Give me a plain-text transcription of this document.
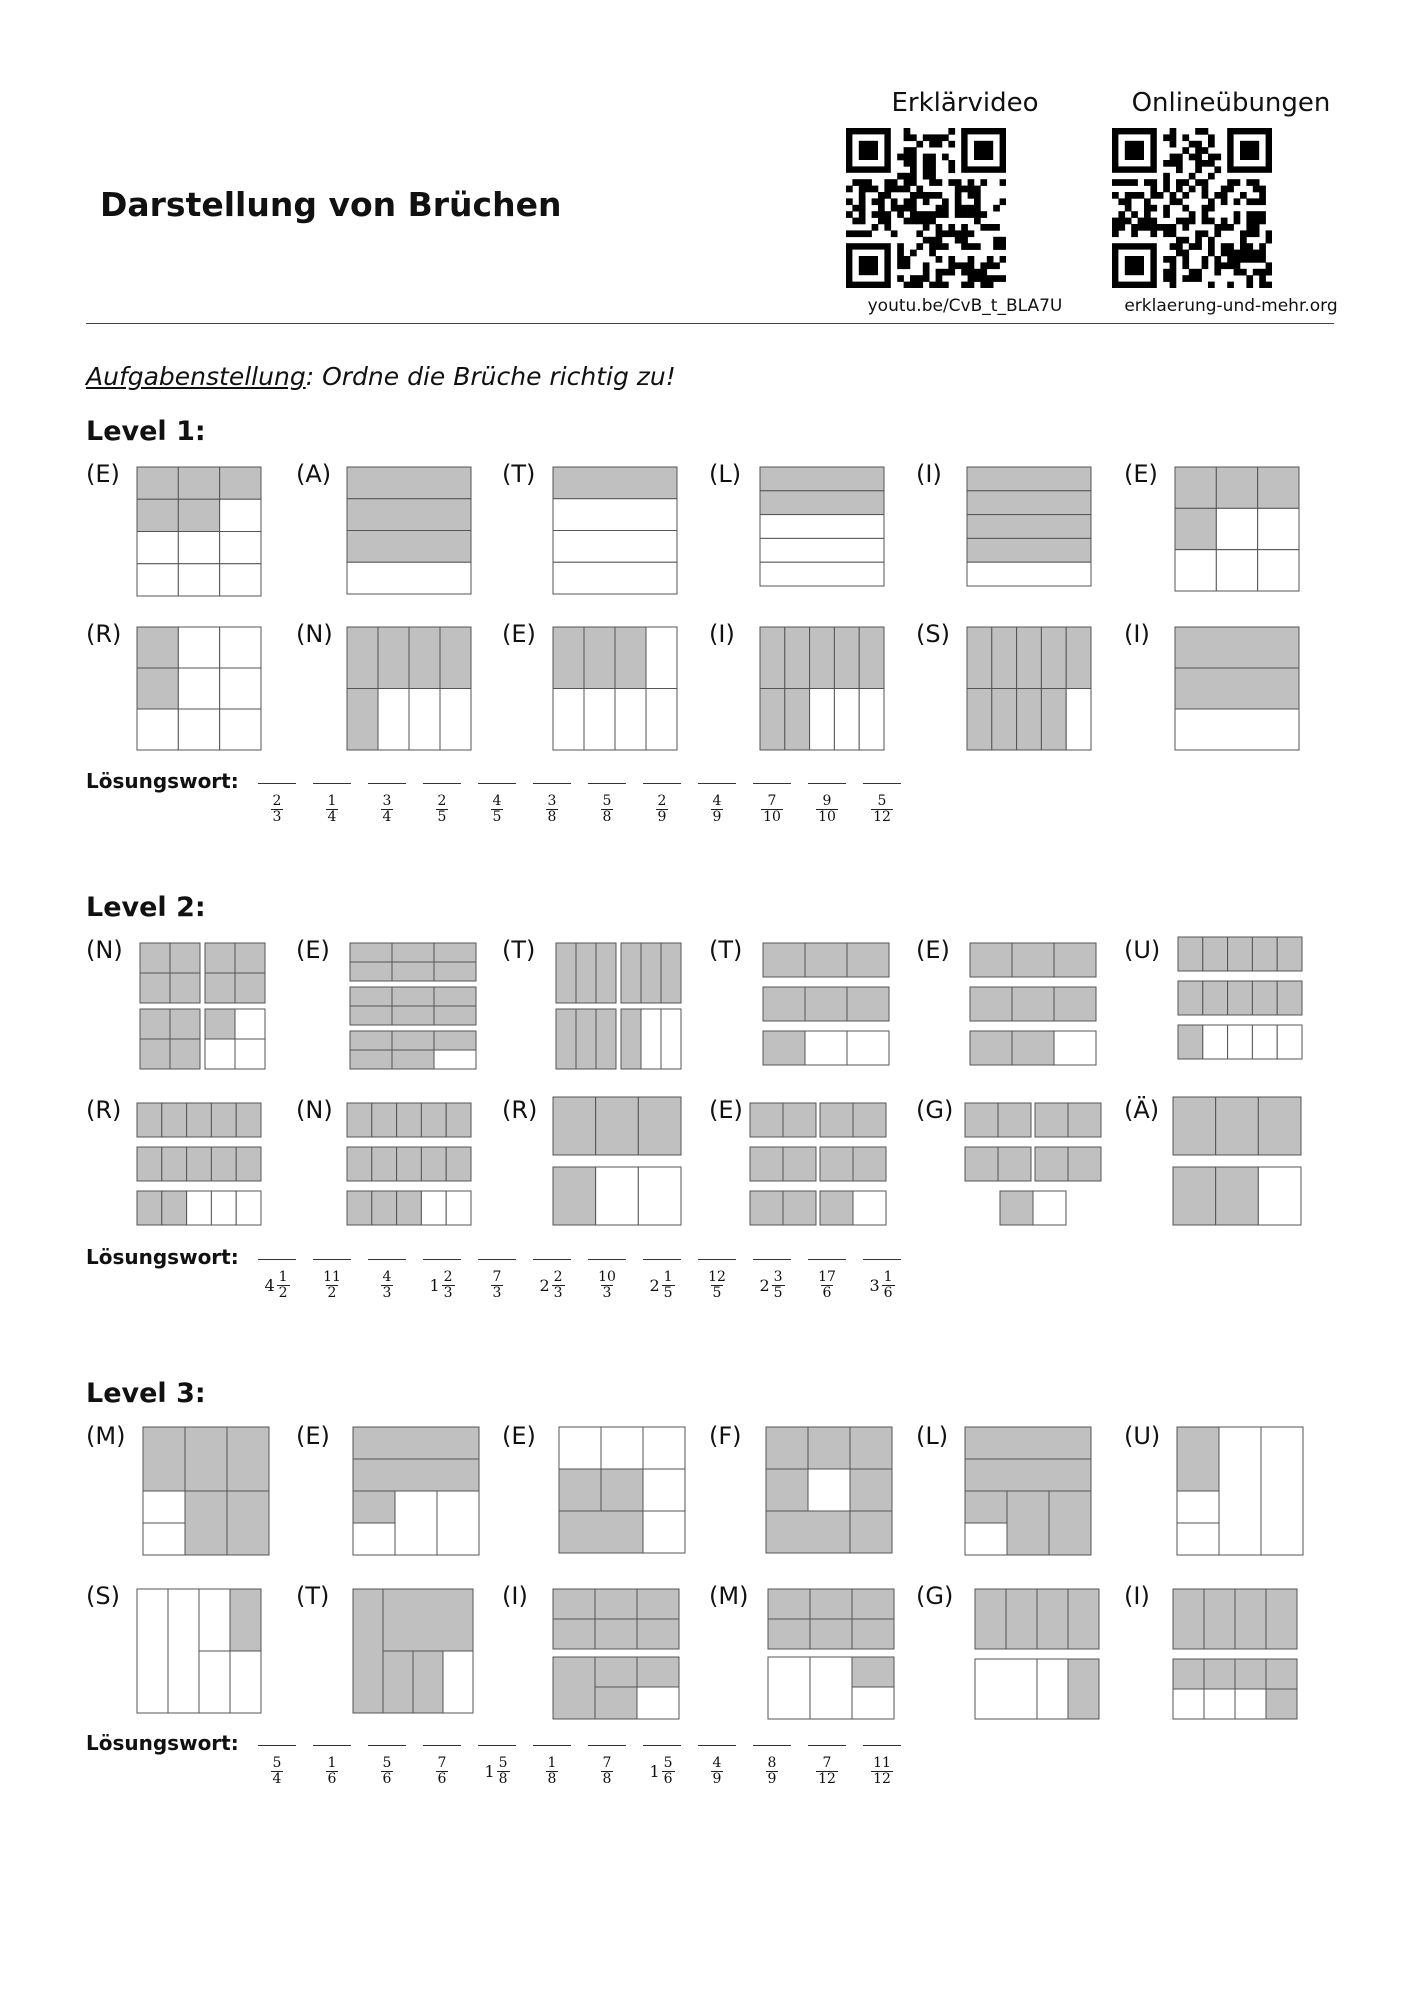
Darstellung von Brüchen
Erklärvideo	Onlineübungen
youtu.be/CvB_t_BLA7U	erklaerung-und-mehr.org
Aufgabenstellung: Ordne die Brüche richtig zu!
Level 1:
(E)	(A)	(T)	(L)	(I)	(E)
(R)	(N)	(E)	(I)	(S)	(I)
Lösungswort:
$\frac{2}{3}$	$\frac{1}{4}$	$\frac{3}{4}$	$\frac{2}{5}$	$\frac{4}{5}$	$\frac{3}{8}$	$\frac{5}{8}$	$\frac{2}{9}$	$\frac{4}{9}$	$\frac{7}{10} \frac{9}{10} \frac{5}{12}$
Level 2:
(N)	(E)	(T)	(T)	(E)	(U)
(R)	(N)	(R)	(E)	(G)	(Ä)
Lösungswort:
$4 \frac{1}{2} \frac{11}{2}$	$\frac{4}{3} 1 \frac{2}{3}$	$\frac{7}{3} 2 \frac{2}{3} \frac{10}{3} 2 \frac{1}{5} \frac{12}{5} 2 \frac{3}{5} \frac{17}{6} 3 \frac{1}{6}$
Level 3:
(M)	(E)	(E)	(F)	(L)	(U)
(S)	(T)	(I)	(M)	(G)	(I)
Lösungswort:
$\frac{5}{4}$	$\frac{1}{6}$	$\frac{5}{6}$	$\frac{7}{6} 1 \frac{5}{8}$	$\frac{1}{8}$	$\frac{7}{8} 1 \frac{5}{6}$	$\frac{4}{9}$	$\frac{8}{9}$	$\frac{7}{12} \frac{11}{12}$
